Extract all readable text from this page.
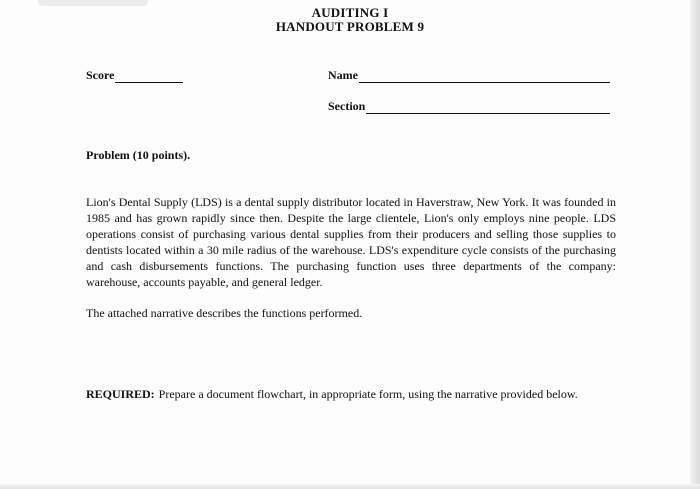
AUDITING I
HANDOUT PROBLEM 9
Score	Name
Section
Problem (10 points).
Lion's Dental Supply (LDS) is a dental supply distributor located in Haverstraw, New York. It was founded in 1985 and has grown rapidly since then. Despite the large clientele, Lion's only employs nine people. LDS operations consist of purchasing various dental supplies from their producers and selling those supplies to dentists located within a 30 mile radius of the warehouse. LDS's expenditure cycle consists of the purchasing and cash disbursements functions. The purchasing function uses three departments of the company: warehouse, accounts payable, and general ledger.
The attached narrative describes the functions performed.
REQUIRED: Prepare a document flowchart, in appropriate form, using the narrative provided below.
